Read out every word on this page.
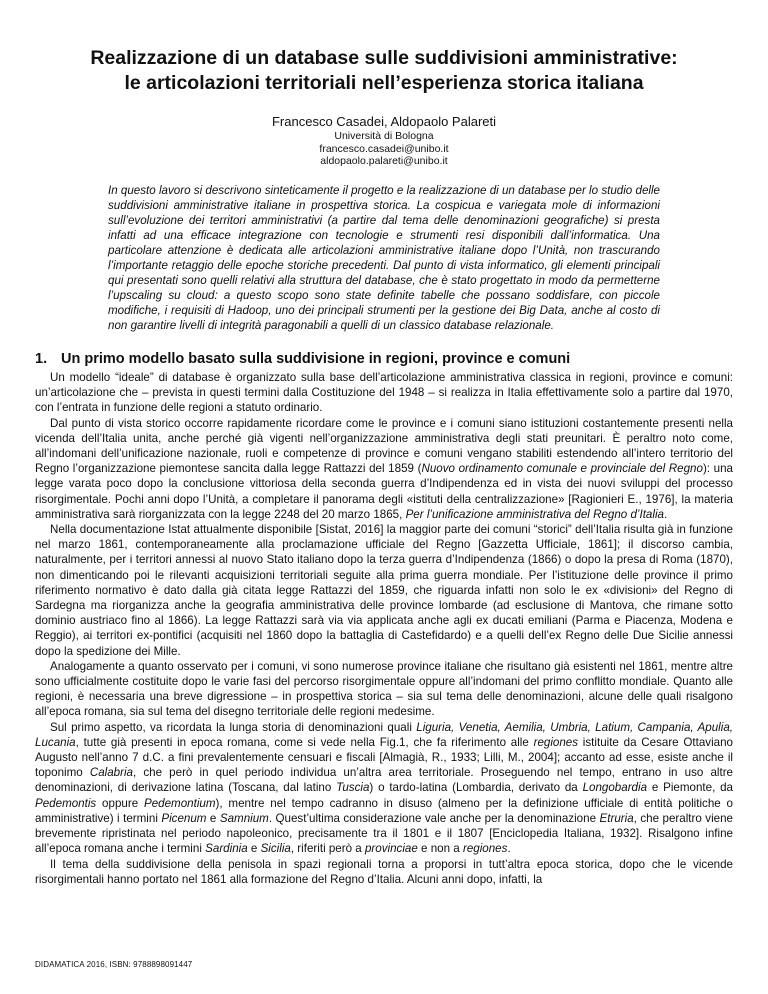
Realizzazione di un database sulle suddivisioni amministrative:
le articolazioni territoriali nell’esperienza storica italiana
Francesco Casadei, Aldopaolo Palareti
Università di Bologna
francesco.casadei@unibo.it
aldopaolo.palareti@unibo.it
In questo lavoro si descrivono sinteticamente il progetto e la realizzazione di un database per lo studio delle suddivisioni amministrative italiane in prospettiva storica. La cospicua e variegata mole di informazioni sull’evoluzione dei territori amministrativi (a partire dal tema delle denominazioni geografiche) si presta infatti ad una efficace integrazione con tecnologie e strumenti resi disponibili dall’informatica. Una particolare attenzione è dedicata alle articolazioni amministrative italiane dopo l’Unità, non trascurando l’importante retaggio delle epoche storiche precedenti. Dal punto di vista informatico, gli elementi principali qui presentati sono quelli relativi alla struttura del database, che è stato progettato in modo da permetterne l’upscaling su cloud: a questo scopo sono state definite tabelle che possano soddisfare, con piccole modifiche, i requisiti di Hadoop, uno dei principali strumenti per la gestione dei Big Data, anche al costo di non garantire livelli di integrità paragonabili a quelli di un classico database relazionale.
1. Un primo modello basato sulla suddivisione in regioni, province e comuni

Un modello “ideale” di database è organizzato sulla base dell’articolazione amministrativa classica in regioni, province e comuni: un’articolazione che – prevista in questi termini dalla Costituzione del 1948 – si realizza in Italia effettivamente solo a partire dal 1970, con l’entrata in funzione delle regioni a statuto ordinario.

Dal punto di vista storico occorre rapidamente ricordare come le province e i comuni siano istituzioni costantemente presenti nella vicenda dell’Italia unita, anche perché già vigenti nell’organizzazione amministrativa degli stati preunitari. È peraltro noto come, all’indomani dell’unificazione nazionale, ruoli e competenze di province e comuni vengano stabiliti estendendo all’intero territorio del Regno l’organizzazione piemontese sancita dalla legge Rattazzi del 1859 (Nuovo ordinamento comunale e provinciale del Regno): una legge varata poco dopo la conclusione vittoriosa della seconda guerra d’Indipendenza ed in vista dei nuovi sviluppi del processo risorgimentale. Pochi anni dopo l’Unità, a completare il panorama degli «istituti della centralizzazione» [Ragionieri E., 1976], la materia amministrativa sarà riorganizzata con la legge 2248 del 20 marzo 1865, Per l’unificazione amministrativa del Regno d’Italia.

Nella documentazione Istat attualmente disponibile [Sistat, 2016] la maggior parte dei comuni “storici” dell’Italia risulta già in funzione nel marzo 1861, contemporaneamente alla proclamazione ufficiale del Regno [Gazzetta Ufficiale, 1861]; il discorso cambia, naturalmente, per i territori annessi al nuovo Stato italiano dopo la terza guerra d’Indipendenza (1866) o dopo la presa di Roma (1870), non dimenticando poi le rilevanti acquisizioni territoriali seguite alla prima guerra mondiale. Per l’istituzione delle province il primo riferimento normativo è dato dalla già citata legge Rattazzi del 1859, che riguarda infatti non solo le ex «divisioni» del Regno di Sardegna ma riorganizza anche la geografia amministrativa delle province lombarde (ad esclusione di Mantova, che rimane sotto dominio austriaco fino al 1866). La legge Rattazzi sarà via via applicata anche agli ex ducati emiliani (Parma e Piacenza, Modena e Reggio), ai territori ex-pontifici (acquisiti nel 1860 dopo la battaglia di Castefidardo) e a quelli dell’ex Regno delle Due Sicilie annessi dopo la spedizione dei Mille.

Analogamente a quanto osservato per i comuni, vi sono numerose province italiane che risultano già esistenti nel 1861, mentre altre sono ufficialmente costituite dopo le varie fasi del percorso risorgimentale oppure all’indomani del primo conflitto mondiale. Quanto alle regioni, è necessaria una breve digressione – in prospettiva storica – sia sul tema delle denominazioni, alcune delle quali risalgono all’epoca romana, sia sul tema del disegno territoriale delle regioni medesime.

Sul primo aspetto, va ricordata la lunga storia di denominazioni quali Liguria, Venetia, Aemilia, Umbria, Latium, Campania, Apulia, Lucania, tutte già presenti in epoca romana, come si vede nella Fig.1, che fa riferimento alle regiones istituite da Cesare Ottaviano Augusto nell’anno 7 d.C. a fini prevalentemente censuari e fiscali [Almagià, R., 1933; Lilli, M., 2004]; accanto ad esse, esiste anche il toponimo Calabria, che però in quel periodo individua un’altra area territoriale. Proseguendo nel tempo, entrano in uso altre denominazioni, di derivazione latina (Toscana, dal latino Tuscia) o tardo-latina (Lombardia, derivato da Longobardia e Piemonte, da Pedemontis oppure Pedemontium), mentre nel tempo cadranno in disuso (almeno per la definizione ufficiale di entità politiche o amministrative) i termini Picenum e Samnium. Quest’ultima considerazione vale anche per la denominazione Etruria, che peraltro viene brevemente ripristinata nel periodo napoleonico, precisamente tra il 1801 e il 1807 [Enciclopedia Italiana, 1932]. Risalgono infine all’epoca romana anche i termini Sardinia e Sicilia, riferiti però a provinciae e non a regiones.

Il tema della suddivisione della penisola in spazi regionali torna a proporsi in tutt’altra epoca storica, dopo che le vicende risorgimentali hanno portato nel 1861 alla formazione del Regno d’Italia. Alcuni anni dopo, infatti, la

DIDAMATICA 2016, ISBN: 9788898091447
